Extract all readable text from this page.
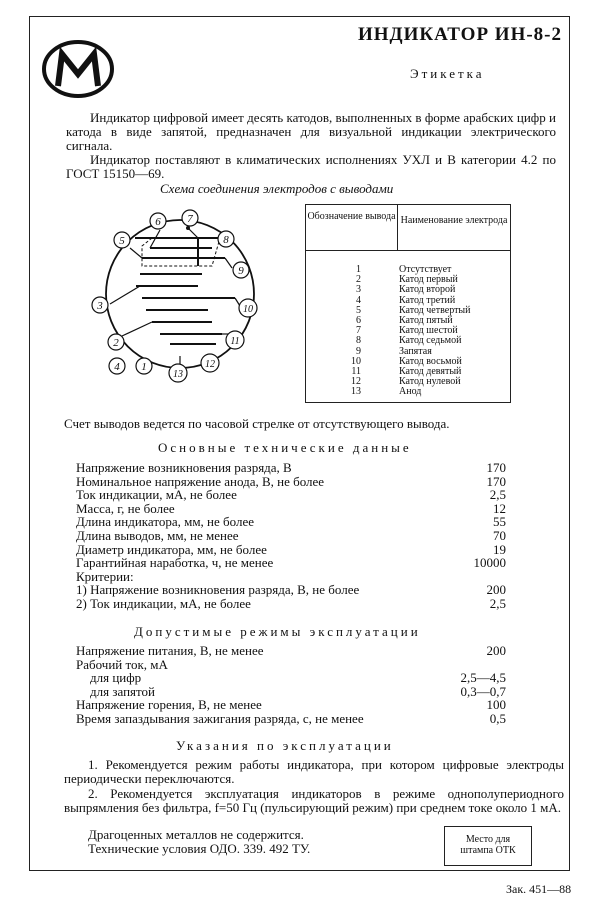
ИНДИКАТОР ИН-8-2
Этикетка
Индикатор цифровой имеет десять катодов, выполненных в форме арабских цифр и катода в виде запятой, предназначен для визуальной индикации электрического сигнала.
Индикатор поставляют в климатических исполнениях УХЛ и В категории 4.2 по ГОСТ 15150—69.
Схема соединения электродов с выводами
1
2
3
4
5
6 7
8
9
10
11
12
13
Обозначение вывода Наименование электрода
1	Отсутствует
2	Катод первый
3	Катод второй
4	Катод третий
5	Катод четвертый
6	Катод пятый
7	Катод шестой
8	Катод седьмой
9	Запятая
10	Катод восьмой
11	Катод девятый
12	Катод нулевой
13	Анод
Счет выводов ведется по часовой стрелке от отсутствующего вывода.
Основные технические данные
Напряжение возникновения разряда, В	170
Номинальное напряжение анода, В, не более	170
Ток индикации, мА, не более	2,5
Масса, г, не более	12
Длина индикатора, мм, не более	55
Длина выводов, мм, не менее	70
Диаметр индикатора, мм, не более	19
Гарантийная наработка, ч, не менее	10000
Критерии:
1) Напряжение возникновения разряда, В, не более	200
2) Ток индикации, мА, не более	2,5
Допустимые режимы эксплуатации
Напряжение питания, В, не менее	200
Рабочий ток, мА
для цифр	2,5—4,5
для запятой	0,3—0,7
Напряжение горения, В, не менее	100
Время запаздывания зажигания разряда, с, не менее	0,5
Указания по эксплуатации
1. Рекомендуется режим работы индикатора, при котором цифровые электроды периодически переключаются.
2. Рекомендуется эксплуатация индикаторов в режиме однополупериодного выпрямления без фильтра, f=50 Гц (пульсирующий режим) при среднем токе около 1 мА.
Драгоценных металлов не содержится.
Технические условия ОДО. 339. 492 ТУ.
Место для
штампа ОТК
Зак. 451—88
